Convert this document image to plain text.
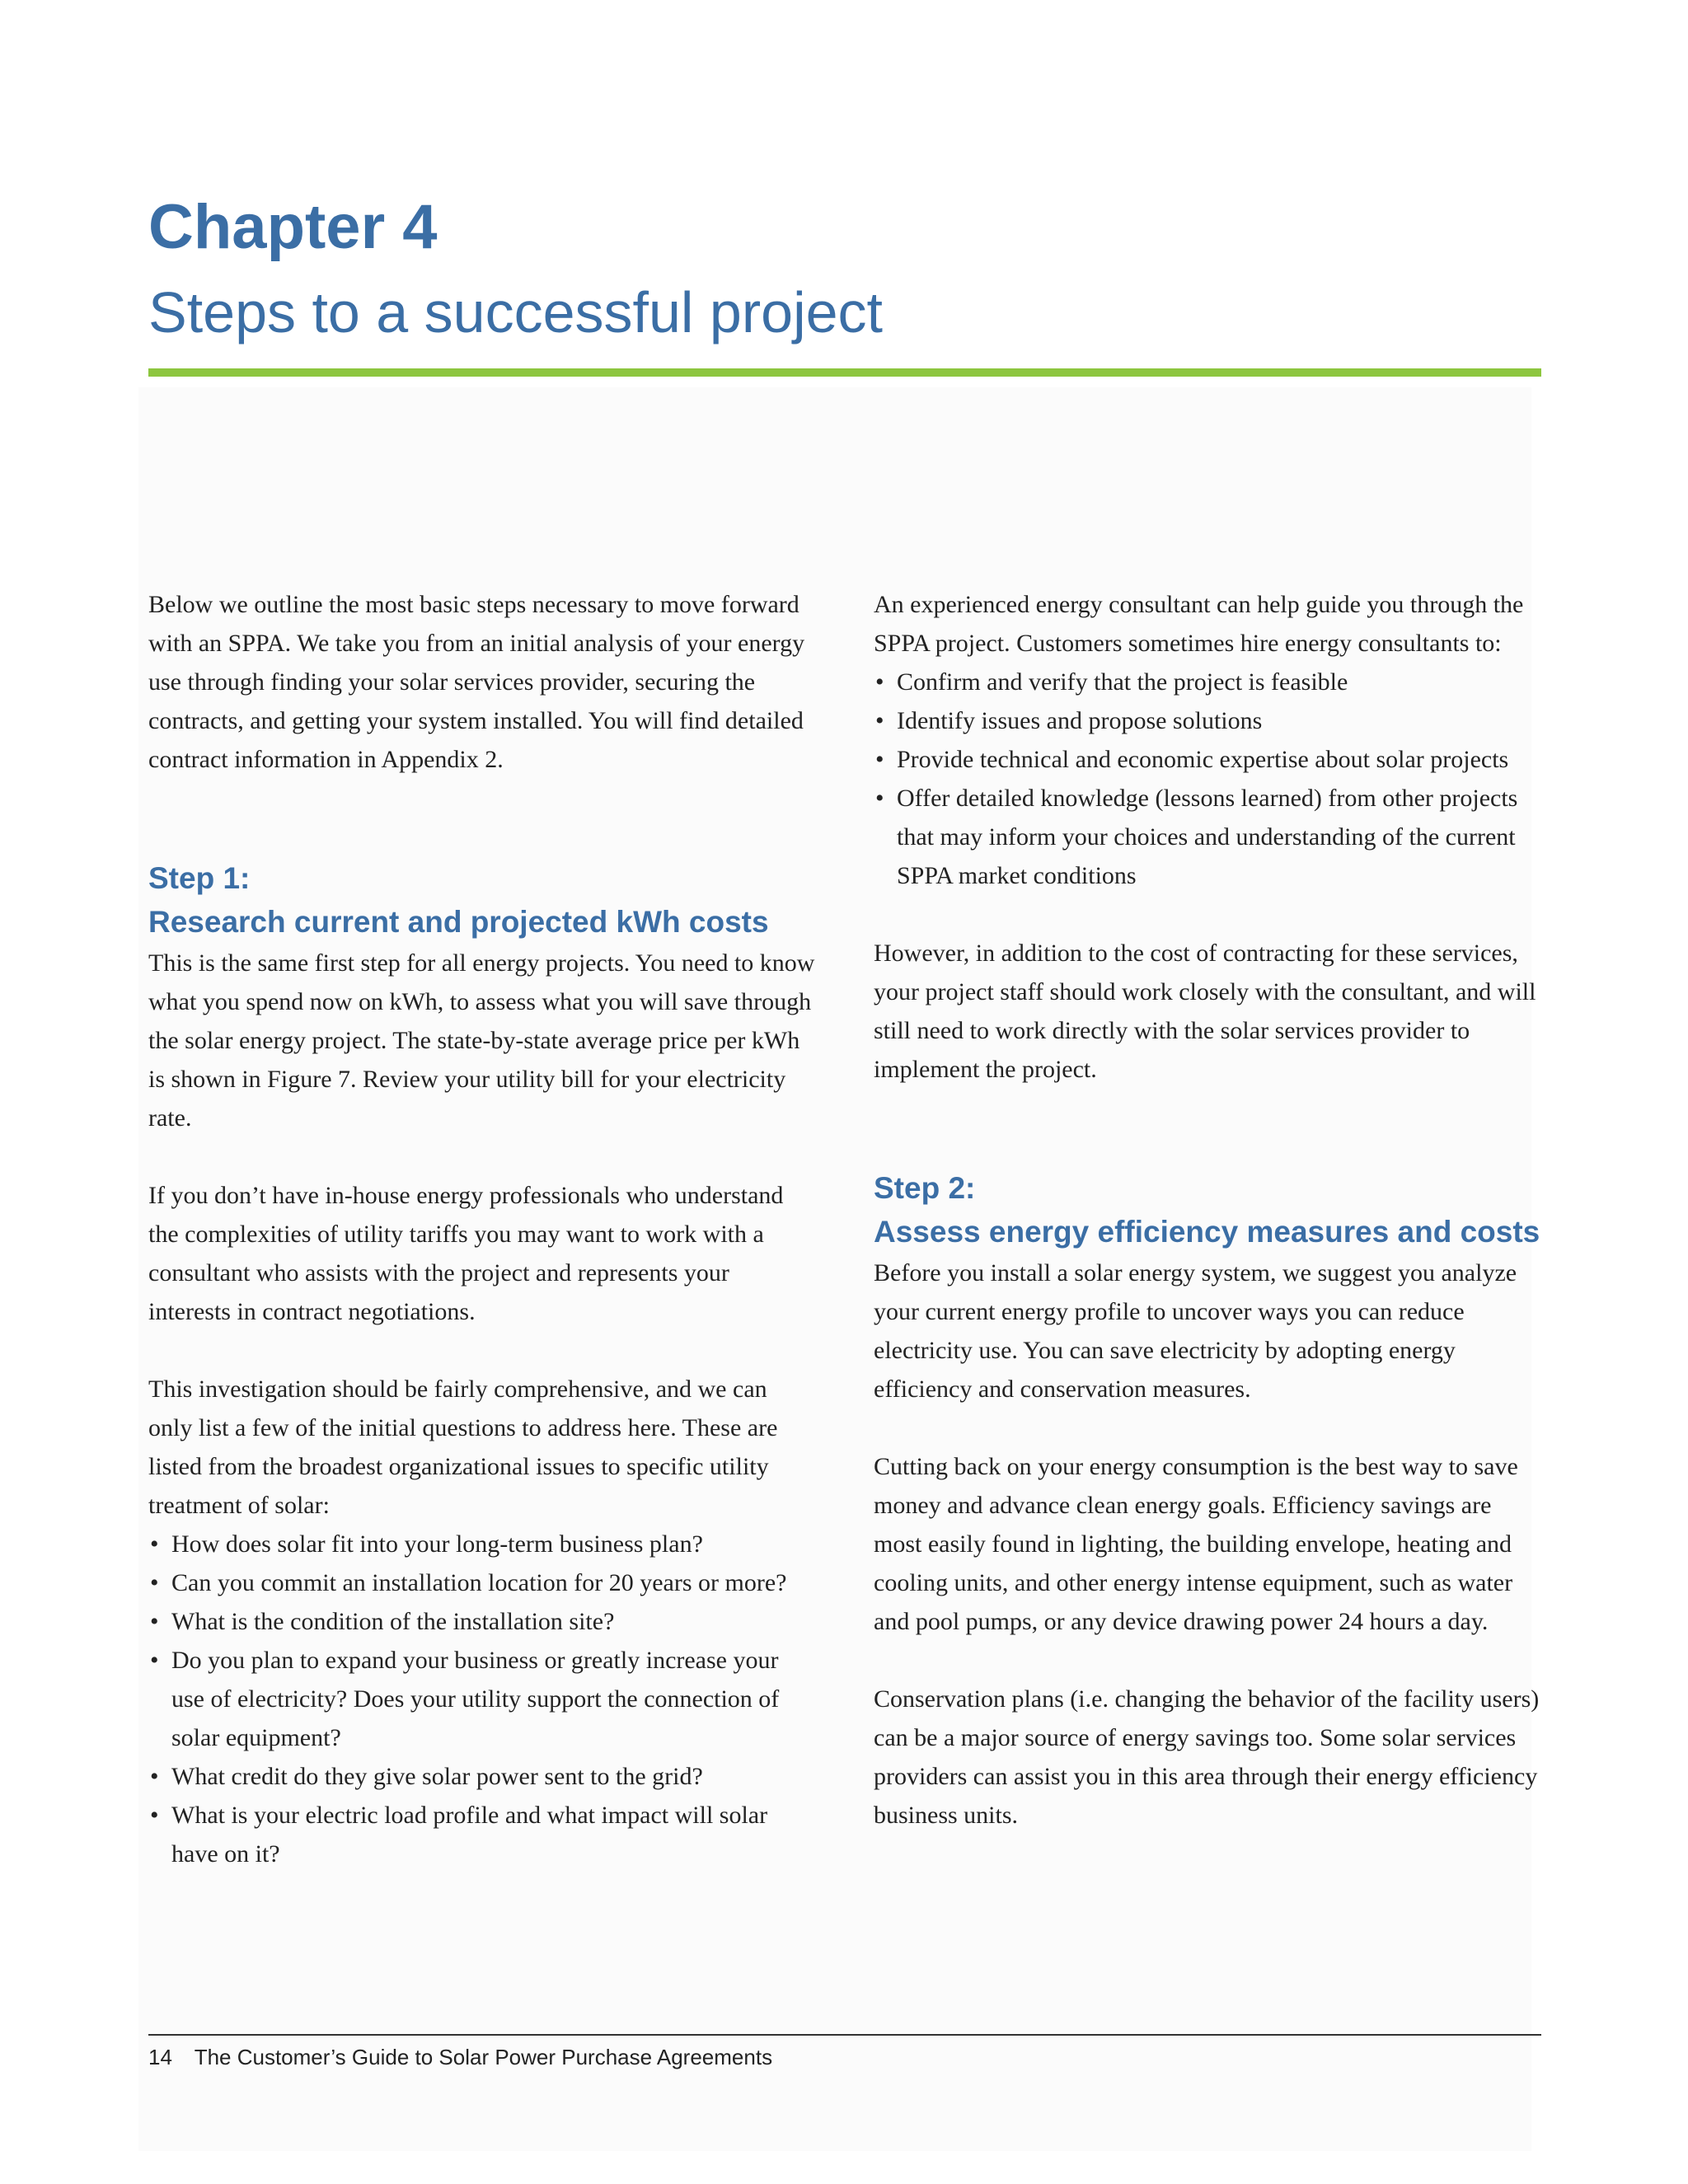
Chapter 4
Steps to a successful project

Below we outline the most basic steps necessary to move forward with an SPPA. We take you from an initial analysis of your energy use through finding your solar services provider, securing the contracts, and getting your system installed. You will find detailed contract information in Appendix 2.

Step 1:
Research current and projected kWh costs

This is the same first step for all energy projects. You need to know what you spend now on kWh, to assess what you will save through the solar energy project. The state-by-state average price per kWh is shown in Figure 7. Review your utility bill for your electricity rate.

If you don’t have in-house energy professionals who understand the complexities of utility tariffs you may want to work with a consultant who assists with the project and represents your interests in contract negotiations.

This investigation should be fairly comprehensive, and we can only list a few of the initial questions to address here. These are listed from the broadest organizational issues to specific utility treatment of solar:

• How does solar fit into your long-term business plan?
• Can you commit an installation location for 20 years or more?
• What is the condition of the installation site?
• Do you plan to expand your business or greatly increase your use of electricity? Does your utility support the connection of solar equipment?
• What credit do they give solar power sent to the grid?
• What is your electric load profile and what impact will solar have on it?

An experienced energy consultant can help guide you through the SPPA project. Customers sometimes hire energy consultants to:

• Confirm and verify that the project is feasible
• Identify issues and propose solutions
• Provide technical and economic expertise about solar projects
• Offer detailed knowledge (lessons learned) from other projects that may inform your choices and understanding of the current SPPA market conditions

However, in addition to the cost of contracting for these services, your project staff should work closely with the consultant, and will still need to work directly with the solar services provider to implement the project.

Step 2:
Assess energy efficiency measures and costs

Before you install a solar energy system, we suggest you analyze your current energy profile to uncover ways you can reduce electricity use. You can save electricity by adopting energy efficiency and conservation measures.

Cutting back on your energy consumption is the best way to save money and advance clean energy goals. Efficiency savings are most easily found in lighting, the building envelope, heating and cooling units, and other energy intense equipment, such as water and pool pumps, or any device drawing power 24 hours a day.

Conservation plans (i.e. changing the behavior of the facility users) can be a major source of energy savings too. Some solar services providers can assist you in this area through their energy efficiency business units.

14 The Customer’s Guide to Solar Power Purchase Agreements
